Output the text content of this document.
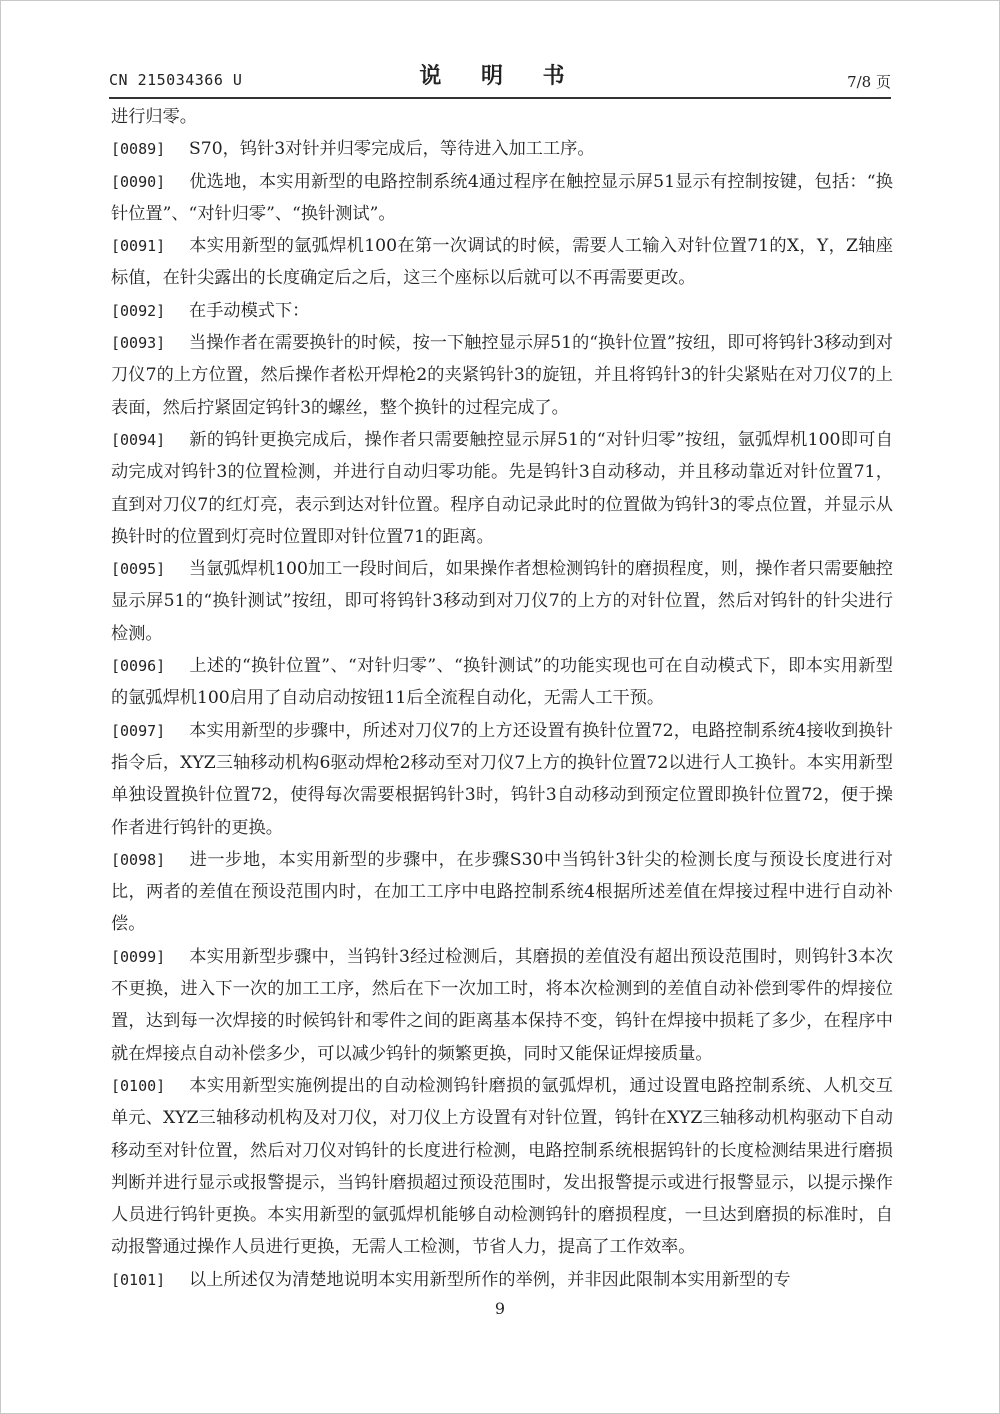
CN 215034366 U	说 明 书	7/8 页

进行归零。

[0089] S70，钨针3对针并归零完成后，等待进入加工工序。

[0090] 优选地，本实用新型的电路控制系统4通过程序在触控显示屏51显示有控制按键，包括：“换针位置”、“对针归零”、“换针测试”。

[0091] 本实用新型的氩弧焊机100在第一次调试的时候，需要人工输入对针位置71的X，Y，Z轴座标值，在针尖露出的长度确定后之后，这三个座标以后就可以不再需要更改。

[0092] 在手动模式下：

[0093] 当操作者在需要换针的时候，按一下触控显示屏51的“换针位置”按纽，即可将钨针3移动到对刀仪7的上方位置，然后操作者松开焊枪2的夹紧钨针3的旋钮，并且将钨针3的针尖紧贴在对刀仪7的上表面，然后拧紧固定钨针3的螺丝，整个换针的过程完成了。

[0094] 新的钨针更换完成后，操作者只需要触控显示屏51的“对针归零”按纽，氩弧焊机100即可自动完成对钨针3的位置检测，并进行自动归零功能。先是钨针3自动移动，并且移动靠近对针位置71，直到对刀仪7的红灯亮，表示到达对针位置。程序自动记录此时的位置做为钨针3的零点位置，并显示从换针时的位置到灯亮时位置即对针位置71的距离。

[0095] 当氩弧焊机100加工一段时间后，如果操作者想检测钨针的磨损程度，则，操作者只需要触控显示屏51的“换针测试”按纽，即可将钨针3移动到对刀仪7的上方的对针位置，然后对钨针的针尖进行检测。

[0096] 上述的“换针位置”、“对针归零”、“换针测试”的功能实现也可在自动模式下，即本实用新型的氩弧焊机100启用了自动启动按钮11后全流程自动化，无需人工干预。

[0097] 本实用新型的步骤中，所述对刀仪7的上方还设置有换针位置72，电路控制系统4接收到换针指令后，XYZ三轴移动机构6驱动焊枪2移动至对刀仪7上方的换针位置72以进行人工换针。本实用新型单独设置换针位置72，使得每次需要根据钨针3时，钨针3自动移动到预定位置即换针位置72，便于操作者进行钨针的更换。

[0098] 进一步地，本实用新型的步骤中，在步骤S30中当钨针3针尖的检测长度与预设长度进行对比，两者的差值在预设范围内时，在加工工序中电路控制系统4根据所述差值在焊接过程中进行自动补偿。

[0099] 本实用新型步骤中，当钨针3经过检测后，其磨损的差值没有超出预设范围时，则钨针3本次不更换，进入下一次的加工工序，然后在下一次加工时，将本次检测到的差值自动补偿到零件的焊接位置，达到每一次焊接的时候钨针和零件之间的距离基本保持不变，钨针在焊接中损耗了多少，在程序中就在焊接点自动补偿多少，可以减少钨针的频繁更换，同时又能保证焊接质量。

[0100] 本实用新型实施例提出的自动检测钨针磨损的氩弧焊机，通过设置电路控制系统、人机交互单元、XYZ三轴移动机构及对刀仪，对刀仪上方设置有对针位置，钨针在XYZ三轴移动机构驱动下自动移动至对针位置，然后对刀仪对钨针的长度进行检测，电路控制系统根据钨针的长度检测结果进行磨损判断并进行显示或报警提示，当钨针磨损超过预设范围时，发出报警提示或进行报警显示，以提示操作人员进行钨针更换。本实用新型的氩弧焊机能够自动检测钨针的磨损程度，一旦达到磨损的标准时，自动报警通过操作人员进行更换，无需人工检测，节省人力，提高了工作效率。

[0101] 以上所述仅为清楚地说明本实用新型所作的举例，并非因此限制本实用新型的专

9
